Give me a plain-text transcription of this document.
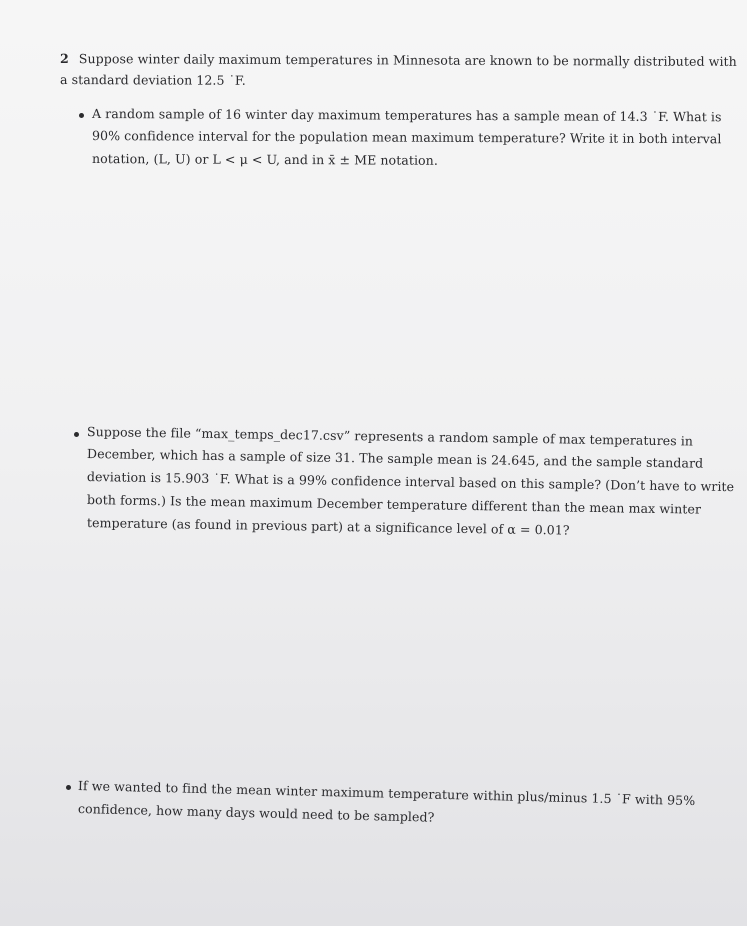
2 Suppose winter daily maximum temperatures in Minnesota are known to be normally distributed with
a standard deviation 12.5 ˙F.
A random sample of 16 winter day maximum temperatures has a sample mean of 14.3 ˙F. What is
90% confidence interval for the population mean maximum temperature? Write it in both interval
notation, (L, U) or L < μ < U, and in x̄ ± ME notation.
Suppose the file “max_temps_dec17.csv” represents a random sample of max temperatures in
December, which has a sample of size 31. The sample mean is 24.645, and the sample standard
deviation is 15.903 ˙F. What is a 99% confidence interval based on this sample? (Don’t have to write
both forms.) Is the mean maximum December temperature different than the mean max winter
temperature (as found in previous part) at a significance level of α = 0.01?
If we wanted to find the mean winter maximum temperature within plus/minus 1.5 ˙F with 95%
confidence, how many days would need to be sampled?
